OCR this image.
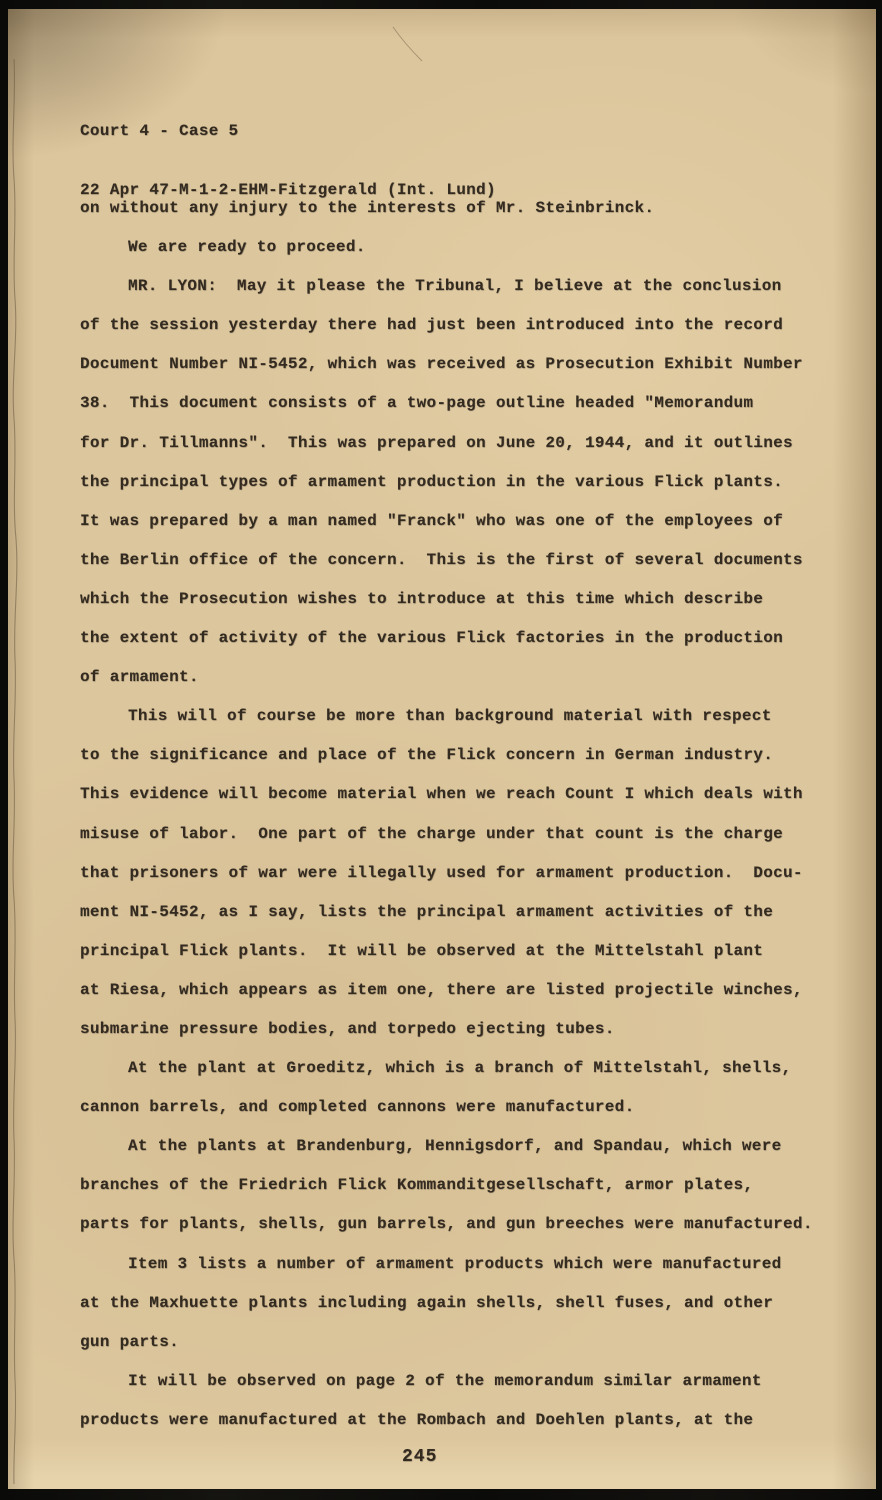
Court 4 - Case 5

22 Apr 47-M-1-2-EHM-Fitzgerald (Int. Lund)

on without any injury to the interests of Mr. Steinbrinck.
We are ready to proceed.
MR. LYON:  May it please the Tribunal, I believe at the conclusion
of the session yesterday there had just been introduced into the record
Document Number NI-5452, which was received as Prosecution Exhibit Number
38.  This document consists of a two-page outline headed "Memorandum
for Dr. Tillmanns".  This was prepared on June 20, 1944, and it outlines
the principal types of armament production in the various Flick plants.
It was prepared by a man named "Franck" who was one of the employees of
the Berlin office of the concern.  This is the first of several documents
which the Prosecution wishes to introduce at this time which describe
the extent of activity of the various Flick factories in the production
of armament.
This will of course be more than background material with respect
to the significance and place of the Flick concern in German industry.
This evidence will become material when we reach Count I which deals with
misuse of labor.  One part of the charge under that count is the charge
that prisoners of war were illegally used for armament production.  Docu-
ment NI-5452, as I say, lists the principal armament activities of the
principal Flick plants.  It will be observed at the Mittelstahl plant
at Riesa, which appears as item one, there are listed projectile winches,
submarine pressure bodies, and torpedo ejecting tubes.
At the plant at Groeditz, which is a branch of Mittelstahl, shells,
cannon barrels, and completed cannons were manufactured.
At the plants at Brandenburg, Hennigsdorf, and Spandau, which were
branches of the Friedrich Flick Kommanditgesellschaft, armor plates,
parts for plants, shells, gun barrels, and gun breeches were manufactured.
Item 3 lists a number of armament products which were manufactured
at the Maxhuette plants including again shells, shell fuses, and other
gun parts.
It will be observed on page 2 of the memorandum similar armament
products were manufactured at the Rombach and Doehlen plants, at the
245
